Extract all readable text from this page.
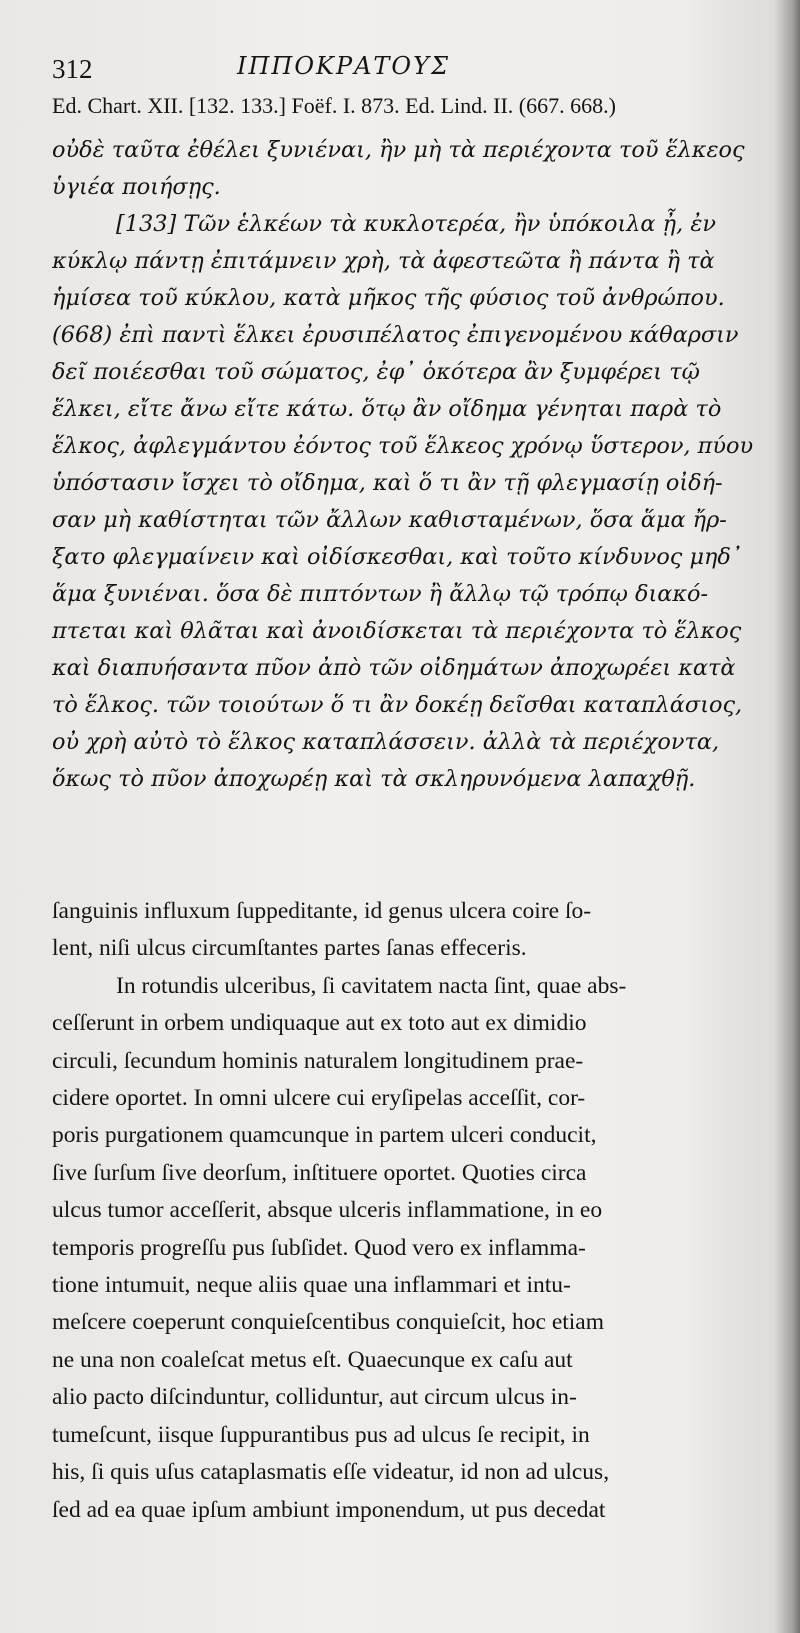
312	ΙΠΠΟΚΡΑΤΟΥΣ
Ed. Chart. XII. [132. 133.] Foëf. I. 873. Ed. Lind. II. (667. 668.)
οὐδὲ ταῦτα ἐθέλει ξυνιέναι, ἢν μὴ τὰ περιέχοντα τοῦ ἕλκεος
ὑγιέα ποιήσῃς.
[133] Τῶν ἑλκέων τὰ κυκλοτερέα, ἢν ὑπόκοιλα ᾖ, ἐν
κύκλῳ πάντῃ ἐπιτάμνειν χρὴ, τὰ ἀφεστεῶτα ἢ πάντα ἢ τὰ
ἡμίσεα τοῦ κύκλου, κατὰ μῆκος τῆς φύσιος τοῦ ἀνθρώπου.
(668) ἐπὶ παντὶ ἕλκει ἐρυσιπέλατος ἐπιγενομένου κάθαρσιν
δεῖ ποιέεσθαι τοῦ σώματος, ἐφ᾽ ὁκότερα ἂν ξυμφέρει τῷ
ἕλκει, εἴτε ἄνω εἴτε κάτω. ὅτῳ ἂν οἴδημα γένηται παρὰ τὸ
ἕλκος, ἀφλεγμάντου ἐόντος τοῦ ἕλκεος χρόνῳ ὕστερον, πύου
ὑπόστασιν ἴσχει τὸ οἴδημα, καὶ ὅ τι ἂν τῇ φλεγμασίῃ οἰδή-
σαν μὴ καθίστηται τῶν ἄλλων καθισταμένων, ὅσα ἅμα ἤρ-
ξατο φλεγμαίνειν καὶ οἰδίσκεσθαι, καὶ τοῦτο κίνδυνος μηδ᾽
ἅμα ξυνιέναι. ὅσα δὲ πιπτόντων ἢ ἄλλῳ τῷ τρόπῳ διακό-
πτεται καὶ θλᾶται καὶ ἀνοιδίσκεται τὰ περιέχοντα τὸ ἕλκος
καὶ διαπυήσαντα πῦον ἀπὸ τῶν οἰδημάτων ἀποχωρέει κατὰ
τὸ ἕλκος. τῶν τοιούτων ὅ τι ἂν δοκέῃ δεῖσθαι καταπλάσιος,
οὐ χρὴ αὐτὸ τὸ ἕλκος καταπλάσσειν. ἀλλὰ τὰ περιέχοντα,
ὅκως τὸ πῦον ἀποχωρέῃ καὶ τὰ σκληρυνόμενα λαπαχθῇ.
ſanguinis influxum ſuppeditante, id genus ulcera coire ſo-
lent, niſi ulcus circumſtantes partes ſanas effeceris.
In rotundis ulceribus, ſi cavitatem nacta ſint, quae abs-
ceſſerunt in orbem undiquaque aut ex toto aut ex dimidio
circuli, ſecundum hominis naturalem longitudinem prae-
cidere oportet. In omni ulcere cui eryſipelas acceſſit, cor-
poris purgationem quamcunque in partem ulceri conducit,
ſive ſurſum ſive deorſum, inſtituere oportet. Quoties circa
ulcus tumor acceſſerit, absque ulceris inflammatione, in eo
temporis progreſſu pus ſubſidet. Quod vero ex inflamma-
tione intumuit, neque aliis quae una inflammari et intu-
meſcere coeperunt conquieſcentibus conquieſcit, hoc etiam
ne una non coaleſcat metus eſt. Quaecunque ex caſu aut
alio pacto diſcinduntur, colliduntur, aut circum ulcus in-
tumeſcunt, iisque ſuppurantibus pus ad ulcus ſe recipit, in
his, ſi quis uſus cataplasmatis eſſe videatur, id non ad ulcus,
ſed ad ea quae ipſum ambiunt imponendum, ut pus decedat
